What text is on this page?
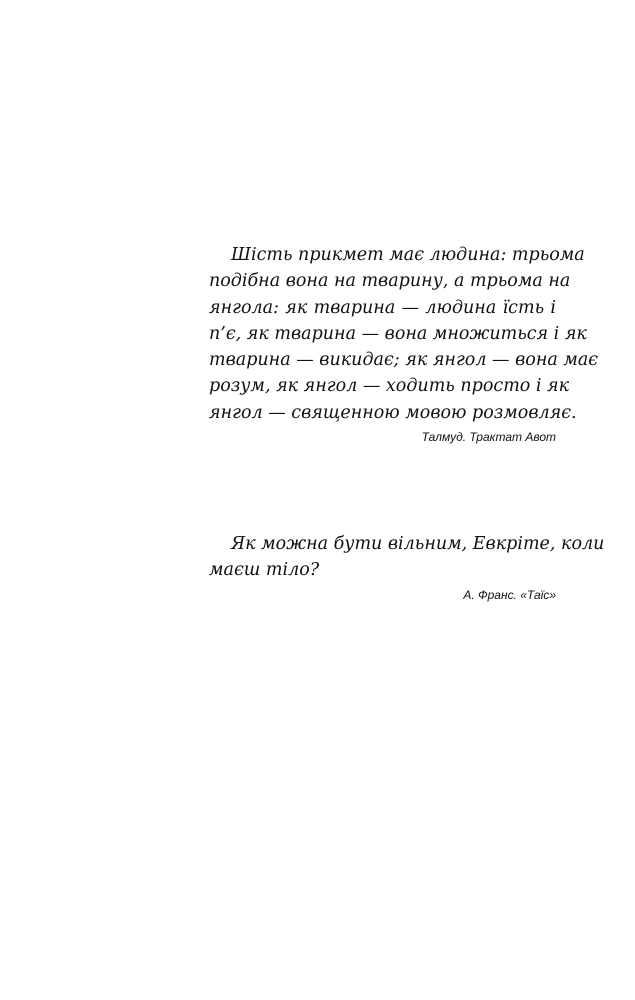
Шість прикмет має людина: трьома
подібна вона на тварину, а трьома на
янгола: як тварина — людина їсть і
п’є, як тварина — вона множиться і як
тварина — викидає; як янгол — вона має
розум, як янгол — ходить просто і як
янгол — священною мовою розмовляє.
Талмуд. Трактат Авот
Як можна бути вільним, Евкріте, коли
маєш тіло?
А. Франс. «Таїс»
